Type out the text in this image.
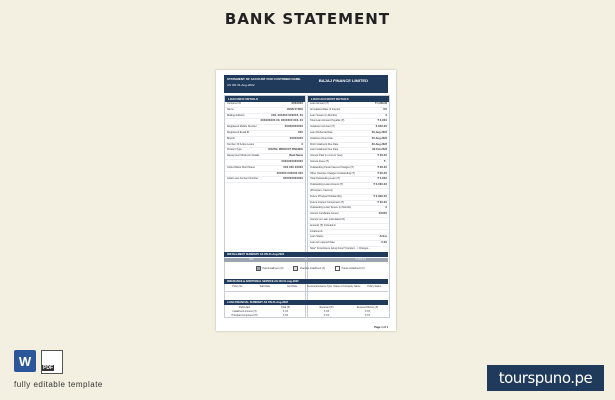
BANK STATEMENT
STATEMENT OF ACCOUNT FOR CUSTOMER NAME
AS ON 31-Aug-2022
BAJAJ FINANCE LIMITED
LOAN INFO DETAILS
Customer ID	XXXXXXX
Name	JOHN XYZDH
Mailing Address	XXX, XXXXXX XXXXXX, XX
XXXXXXXXX XX, XXXXXXX XXX, XX
Registered Mobile Number	XXXXXXXXXXX
Registered Email ID	XXX
Branch	XXXXXXXX
Number Of Active Loans	X
Product Type	DIGITAL PRODUCT FINANCE
Repayment Mode A/c Details	Bank Name
XXXXXXXXXXXXX
Collect Bank Short Name	XXX XXX XXXXX
XXXXXX XXXXXX XXX
Initial Loan Account Number	XXXXXXXXXXXX
LOAN ACCOUNT DETAILS
Loan Amount (₹)	₹ 1,000.00
Annualised Rate of Interest	X%
Loan Tenure (in Months)	X
Total Loan Amount Payable (₹)	₹ X,XXX
Instalment Amount (₹)	X,XXX.XX
Loan Disbursal Date	XX-Aug-2022
Instalment Due Date	XX-Aug-2022
First Instalment Due Date	XX-Aug-2022
Last Instalment Due Date	XX-Feb-2023
Interest Paid (in current Year)	₹ XX.XX
Interest Dues (₹)	₹ -
Outstanding Penal Interest Charges (₹)	₹ XX.XX
Other Overdue Charges Outstanding (₹)	₹ XX.XX
Total Outstanding Loan (₹)	₹ X,XXX
Outstanding Loan Amount (₹)	₹ X,XXX.XX
(Principal + Interest)
Future Principal Outstanding	₹ X,XXX.XX
Future Interest Component (₹)	₹ XX.XX
Outstanding Loan Tenure (in Months)	X
Interest Certificate Issued	XXXXX
Interest on Loan (calculated till)
amount) (₹) Included in
instalments
Loan Status	Active
Loan A/c opened Date	X.XX
Note* Foreclosure being done? Conduct... / Charges...
INSTALLMENT SUMMARY AS ON 31-Aug-2022
XXX	X	₹ XXX.XX
Paid Installment (X)	Overdue Installment (X)	Future Installment (X)
INSURANCE & ADDITIONAL SERVICE AS ON 31-Aug-2022
Policy No.	Start Date	End Date	Service/Insurance Type Name of Company Name	Policy Status
LOAN FINANCIAL SUMMARY AS ON 31-Aug-2022
Particulars	Total (₹)	Received (₹)	Received Before (₹)
Installment Amount (₹)	X.XX	X.XX	X.XX
Principal Component (₹)	X.XX	X.XX	X.XX
Page 1 of 1
W	PDF
fully editable template	tourspuno.pe
